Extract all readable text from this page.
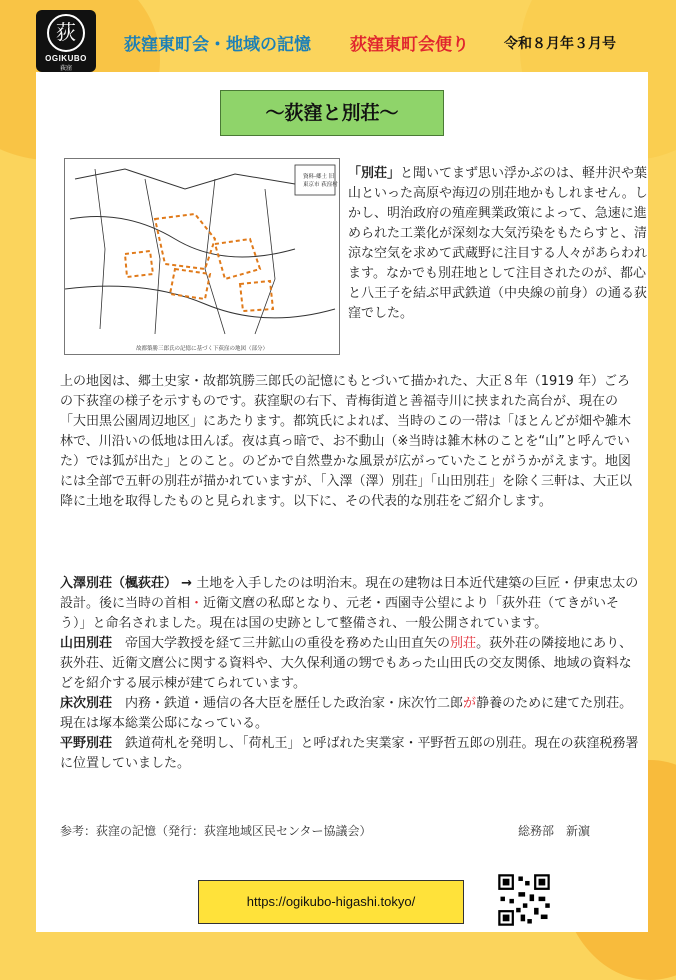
荻
OGIKUBO
荻窪
荻窪東町会・地域の記憶 荻窪東町会便り	令和８月年３月号
〜荻窪と別荘〜
資料-郷土 旧東京市 荻窪村
故都築勝三郎氏の記憶に基づく下荻窪の地図（部分）
「別荘」と聞いてまず思い浮かぶのは、軽井沢や葉山といった高原や海辺の別荘地かもしれません。しかし、明治政府の殖産興業政策によって、急速に進められた工業化が深刻な大気汚染をもたらすと、清涼な空気を求めて武蔵野に注目する人々があらわれます。なかでも別荘地として注目されたのが、都心と八王子を結ぶ甲武鉄道（中央線の前身）の通る荻窪でした。
上の地図は、郷土史家・故都筑勝三郎氏の記憶にもとづいて描かれた、大正８年（1919 年）ごろの下荻窪の様子を示すものです。荻窪駅の右下、青梅街道と善福寺川に挟まれた高台が、現在の「大田黒公園周辺地区」にあたります。都筑氏によれば、当時のこの一帯は「ほとんどが畑や雑木林で、川沿いの低地は田んぼ。夜は真っ暗で、お不動山（※当時は雑木林のことを“山”と呼んでいた）では狐が出た」とのこと。のどかで自然豊かな風景が広がっていたことがうかがえます。地図には全部で五軒の別荘が描かれていますが、「入澤（澤）別荘」「山田別荘」を除く三軒は、大正以降に土地を取得したものと見られます。以下に、その代表的な別荘をご紹介します。
入澤別荘（楓荻荘） → 土地を入手したのは明治末。現在の建物は日本近代建築の巨匠・伊東忠太の設計。後に当時の首相・近衛文麿の私邸となり、元老・西園寺公望により「荻外荘（てきがいそう）」と命名されました。現在は国の史跡として整備され、一般公開されています。
山田別荘　 帝国大学教授を経て三井鉱山の重役を務めた山田直矢の別荘。荻外荘の隣接地にあり、荻外荘、近衛文麿公に関する資料や、大久保利通の甥でもあった山田氏の交友関係、地域の資料などを紹介する展示棟が建てられています。
床次別荘　 内務・鉄道・逓信の各大臣を歴任した政治家・床次竹二郎が静養のために建てた別荘。現在は塚本総業公邸になっている。
平野別荘　 鉄道荷札を発明し、「荷札王」と呼ばれた実業家・平野哲五郎の別荘。現在の荻窪税務署に位置していました。
参考：荻窪の記憶（発行：荻窪地域区民センター協議会）	総務部　新濵
https://ogikubo-higashi.tokyo/
